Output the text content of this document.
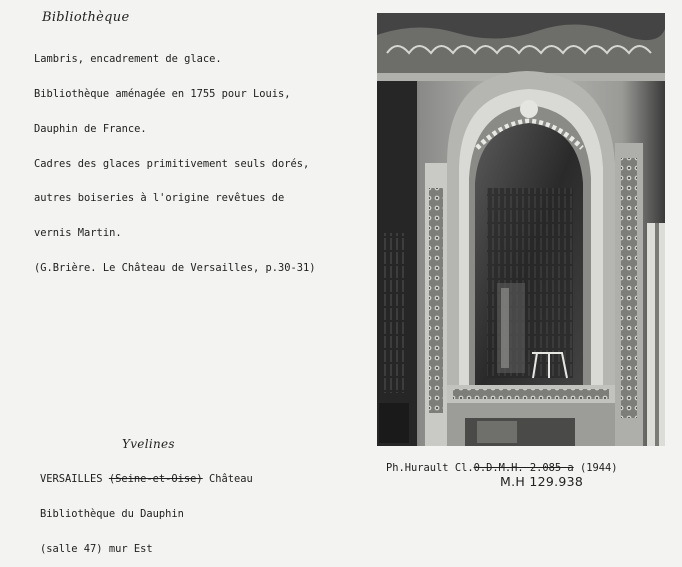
Bibliothèque

Lambris, encadrement de glace.

Bibliothèque aménagée en 1755 pour Louis,

Dauphin de France.

Cadres des glaces primitivement seuls dorés,

autres boiseries à l'origine revêtues de

vernis Martin.

(G.Brière. Le Château de Versailles, p.30-31)

Yvelines

VERSAILLES (Seine-et-Oise) Château

Bibliothèque du Dauphin

(salle 47) mur Est

Ph.Hurault Cl.0.D.M.H. 2.085 a (1944)
M.H 129.938
